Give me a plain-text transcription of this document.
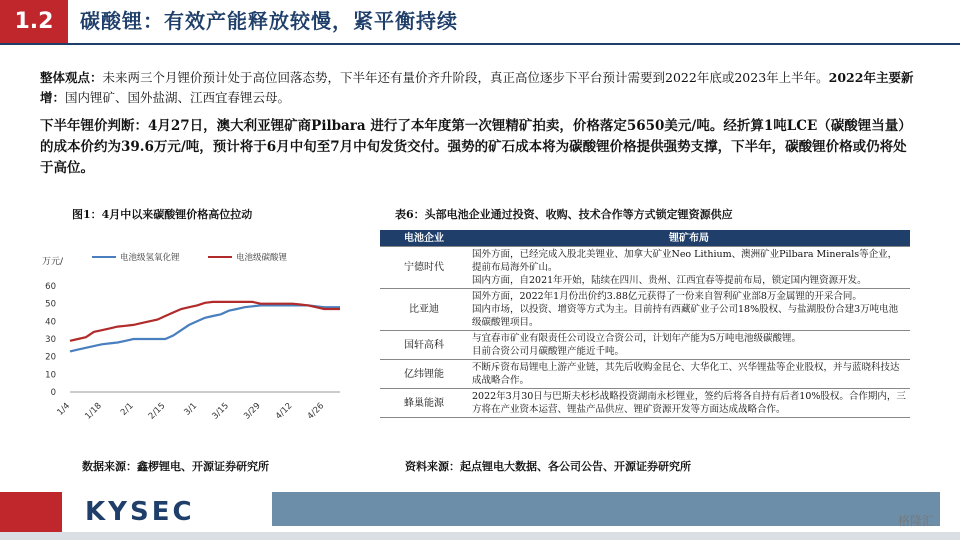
1.2	碳酸锂：有效产能释放较慢，紧平衡持续
整体观点：未来两三个月锂价预计处于高位回落态势，下半年还有量价齐升阶段，真正高位逐步下平台预计需要到2022年底或2023年上半年。2022年主要新增：国内锂矿、国外盐湖、江西宜春锂云母。
下半年锂价判断：4月27日，澳大利亚锂矿商Pilbara 进行了本年度第一次锂精矿拍卖，价格落定5650美元/吨。经折算1吨LCE（碳酸锂当量）的成本价约为39.6万元/吨，预计将于6月中旬至7月中旬发货交付。强势的矿石成本将为碳酸锂价格提供强势支撑，下半年，碳酸锂价格或仍将处于高位。
图1：4月中以来碳酸锂价格高位拉动
万元/	电池级氢氧化锂	电池级碳酸锂
0
10
20
30
40
50
60
1/4 1/18 2/1 2/15 3/1 3/15 3/29 4/12 4/26
表6：头部电池企业通过投资、收购、技术合作等方式锁定锂资源供应
电池企业	锂矿布局
宁德时代	国外方面，已经完成入股北美锂业、加拿大矿业Neo Lithium、澳洲矿业Pilbara Minerals等企业，提前布局海外矿山。
国内方面，自2021年开始，陆续在四川、贵州、江西宜春等提前布局，锁定国内锂资源开发。

比亚迪	国外方面，2022年1月份出价约3.88亿元获得了一份来自智利矿业部8万金属锂的开采合同。
国内市场，以投资、增资等方式为主。目前持有西藏矿业子公司18%股权、与盐湖股份合建3万吨电池级碳酸锂项目。

国轩高科	与宜春市矿业有限责任公司设立合资公司，计划年产能为5万吨电池级碳酸锂。
目前合资公司月碳酸锂产能近千吨。

亿纬锂能	不断斥资布局锂电上游产业链，其先后收购金昆仑、大华化工、兴华锂盐等企业股权，并与蓝晓科技达成战略合作。

蜂巢能源	2022年3月30日与巴斯夫杉杉战略投资湖南永杉锂业，签约后将各自持有后者10%股权。合作期内，三方将在产业资本运营、锂盐产品供应、锂矿资源开发等方面达成战略合作。
数据来源：鑫椤锂电、开源证券研究所	资料来源：起点锂电大数据、各公司公告、开源证券研究所
KYSEC	格隆汇
